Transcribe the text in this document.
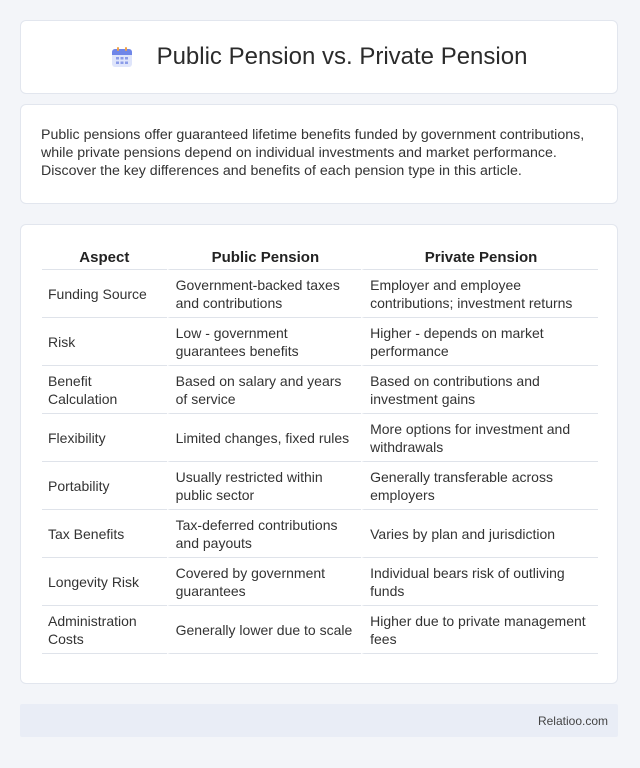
Public Pension vs. Private Pension

Public pensions offer guaranteed lifetime benefits funded by government contributions, while private pensions depend on individual investments and market performance. Discover the key differences and benefits of each pension type in this article.

Aspect	Public Pension	Private Pension
Funding Source	Government-backed taxes and contributions	Employer and employee contributions; investment returns
Risk	Low - government guarantees benefits	Higher - depends on market performance
Benefit Calculation	Based on salary and years of service	Based on contributions and investment gains
Flexibility	Limited changes, fixed rules	More options for investment and withdrawals
Portability	Usually restricted within public sector	Generally transferable across employers
Tax Benefits	Tax-deferred contributions and payouts	Varies by plan and jurisdiction
Longevity Risk	Covered by government guarantees	Individual bears risk of outliving funds
Administration Costs	Generally lower due to scale	Higher due to private management fees
Relatioo.com
